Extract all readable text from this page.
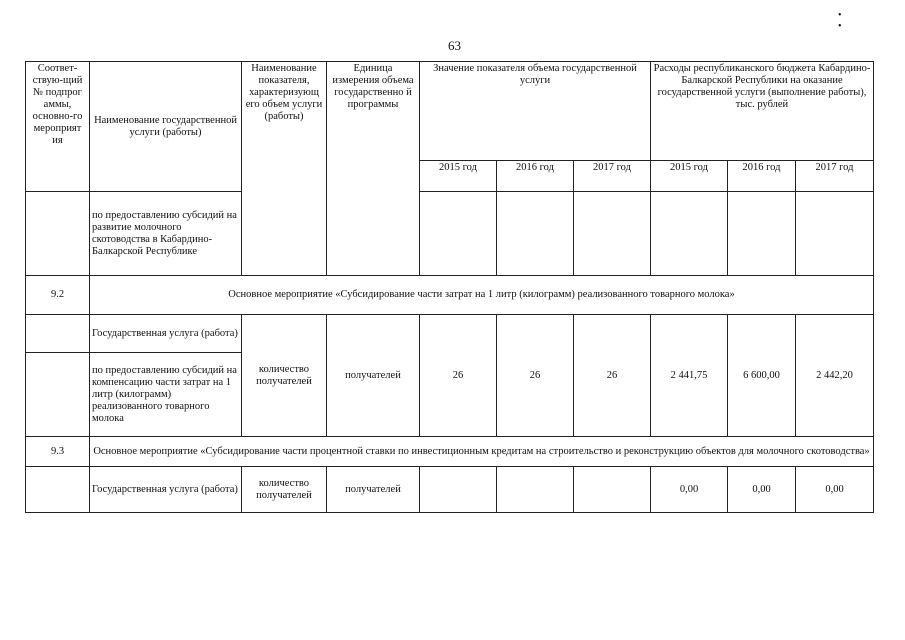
• •
63
Соответ-ствую-щий № подпрог аммы, основно-го мероприят ия	Наименование государственной услуги (работы)	Наименование показателя, характеризующ его объем услуги (работы)	Единица измерения объема государственно й программы	Значение показателя объема государственной услуги			Расходы республиканского бюджета Кабардино-Балкарской Республики на оказание государственной услуги (выполнение работы), тыс. рублей		
				2015 год	2016 год	2017 год	2015 год	2016 год	2017 год
	по предоставлению субсидий на развитие молочного скотоводства в Кабардино-Балкарской Республике								
9.2	Основное мероприятие «Субсидирование части затрат на 1 литр (килограмм) реализованного товарного молока»								
	Государственная услуга (работа)	количество получателей	получателей	26	26	26	2 441,75	6 600,00	2 442,20
	по предоставлению субсидий на компенсацию части затрат на 1 литр (килограмм) реализованного товарного молока								
9.3	Основное мероприятие «Субсидирование части процентной ставки по инвестиционным кредитам на строительство и реконструкцию объектов для молочного скотоводства»								
	Государственная услуга (работа)	количество получателей	получателей				0,00	0,00	0,00
